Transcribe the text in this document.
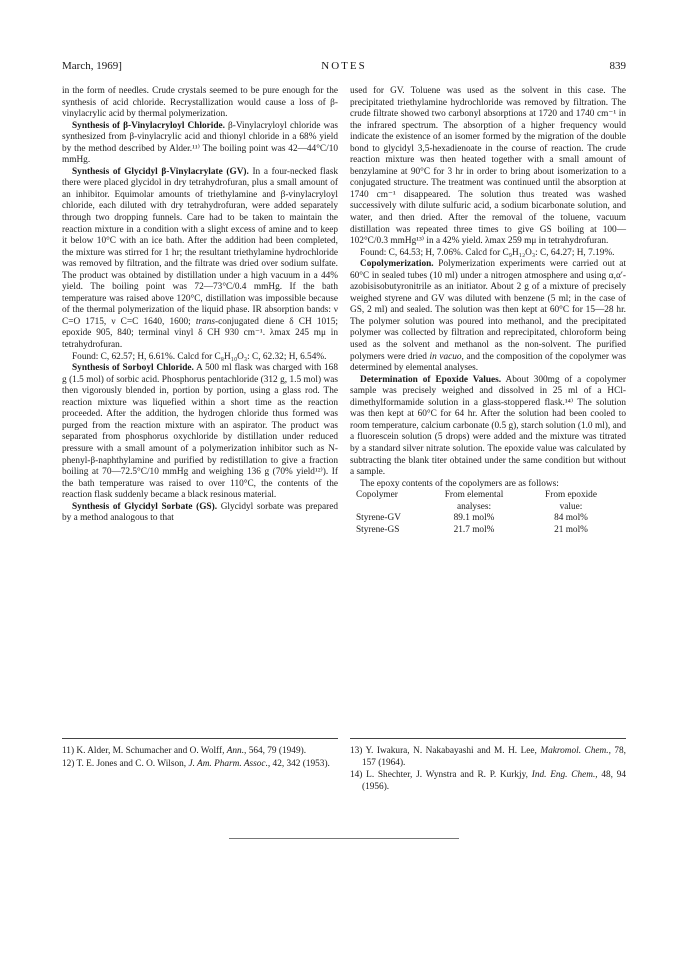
March, 1969]	NOTES	839

in the form of needles. Crude crystals seemed to be pure enough for the synthesis of acid chloride. Recrystallization would cause a loss of β-vinylacrylic acid by thermal polymerization.

Synthesis of β-Vinylacryloyl Chloride. β-Vinylacryloyl chloride was synthesized from β-vinylacrylic acid and thionyl chloride in a 68% yield by the method described by Alder.¹¹⁾ The boiling point was 42—44°C/10 mmHg.

Synthesis of Glycidyl β-Vinylacrylate (GV). In a four-necked flask there were placed glycidol in dry tetrahydrofuran, plus a small amount of an inhibitor. Equimolar amounts of triethylamine and β-vinylacryloyl chloride, each diluted with dry tetrahydrofuran, were added separately through two dropping funnels. Care had to be taken to maintain the reaction mixture in a condition with a slight excess of amine and to keep it below 10°C with an ice bath. After the addition had been completed, the mixture was stirred for 1 hr; the resultant triethylamine hydrochloride was removed by filtration, and the filtrate was dried over sodium sulfate. The product was obtained by distillation under a high vacuum in a 44% yield. The boiling point was 72—73°C/0.4 mmHg. If the bath temperature was raised above 120°C, distillation was impossible because of the thermal polymerization of the liquid phase. IR absorption bands: ν C=O 1715, ν C=C 1640, 1600; trans-conjugated diene δ CH 1015; epoxide 905, 840; terminal vinyl δ CH 930 cm⁻¹. λmax 245 mμ in tetrahydrofuran.

Found: C, 62.57; H, 6.61%. Calcd for C₈H₁₀O₃: C, 62.32; H, 6.54%.

Synthesis of Sorboyl Chloride. A 500 ml flask was charged with 168 g (1.5 mol) of sorbic acid. Phosphorus pentachloride (312 g, 1.5 mol) was then vigorously blended in, portion by portion, using a glass rod. The reaction mixture was liquefied within a short time as the reaction proceeded. After the addition, the hydrogen chloride thus formed was purged from the reaction mixture with an aspirator. The product was separated from phosphorus oxychloride by distillation under reduced pressure with a small amount of a polymerization inhibitor such as N-phenyl-β-naphthylamine and purified by redistillation to give a fraction boiling at 70—72.5°C/10 mmHg and weighing 136 g (70% yield¹²⁾). If the bath temperature was raised to over 110°C, the contents of the reaction flask suddenly became a black resinous material.

Synthesis of Glycidyl Sorbate (GS). Glycidyl sorbate was prepared by a method analogous to that

used for GV. Toluene was used as the solvent in this case. The precipitated triethylamine hydrochloride was removed by filtration. The crude filtrate showed two carbonyl absorptions at 1720 and 1740 cm⁻¹ in the infrared spectrum. The absorption of a higher frequency would indicate the existence of an isomer formed by the migration of the double bond to glycidyl 3,5-hexadienoate in the course of reaction. The crude reaction mixture was then heated together with a small amount of benzylamine at 90°C for 3 hr in order to bring about isomerization to a conjugated structure. The treatment was continued until the absorption at 1740 cm⁻¹ disappeared. The solution thus treated was washed successively with dilute sulfuric acid, a sodium bicarbonate solution, and water, and then dried. After the removal of the toluene, vacuum distillation was repeated three times to give GS boiling at 100—102°C/0.3 mmHg¹³⁾ in a 42% yield. λmax 259 mμ in tetrahydrofuran.

Found: C, 64.53; H, 7.06%. Calcd for C₉H₁₂O₃: C, 64.27; H, 7.19%.

Copolymerization. Polymerization experiments were carried out at 60°C in sealed tubes (10 ml) under a nitrogen atmosphere and using α,α′-azobisisobutyronitrile as an initiator. About 2 g of a mixture of precisely weighed styrene and GV was diluted with benzene (5 ml; in the case of GS, 2 ml) and sealed. The solution was then kept at 60°C for 15—28 hr. The polymer solution was poured into methanol, and the precipitated polymer was collected by filtration and reprecipitated, chloroform being used as the solvent and methanol as the non-solvent. The purified polymers were dried in vacuo, and the composition of the copolymer was determined by elemental analyses.

Determination of Epoxide Values. About 300mg of a copolymer sample was precisely weighed and dissolved in 25 ml of a HCl-dimethylformamide solution in a glass-stoppered flask.¹⁴⁾ The solution was then kept at 60°C for 64 hr. After the solution had been cooled to room temperature, calcium carbonate (0.5 g), starch solution (1.0 ml), and a fluorescein solution (5 drops) were added and the mixture was titrated by a standard silver nitrate solution. The epoxide value was calculated by subtracting the blank titer obtained under the same condition but without a sample.

The epoxy contents of the copolymers are as follows:

Copolymer	From elemental	From epoxide
	analyses:	value:
Styrene-GV	89.1 mol%	84 mol%
Styrene-GS	21.7 mol%	21 mol%

11) K. Alder, M. Schumacher and O. Wolff, Ann., 564, 79 (1949).

12) T. E. Jones and C. O. Wilson, J. Am. Pharm. Assoc., 42, 342 (1953).

13) Y. Iwakura, N. Nakabayashi and M. H. Lee, Makromol. Chem., 78, 157 (1964).

14) L. Shechter, J. Wynstra and R. P. Kurkjy, Ind. Eng. Chem., 48, 94 (1956).
